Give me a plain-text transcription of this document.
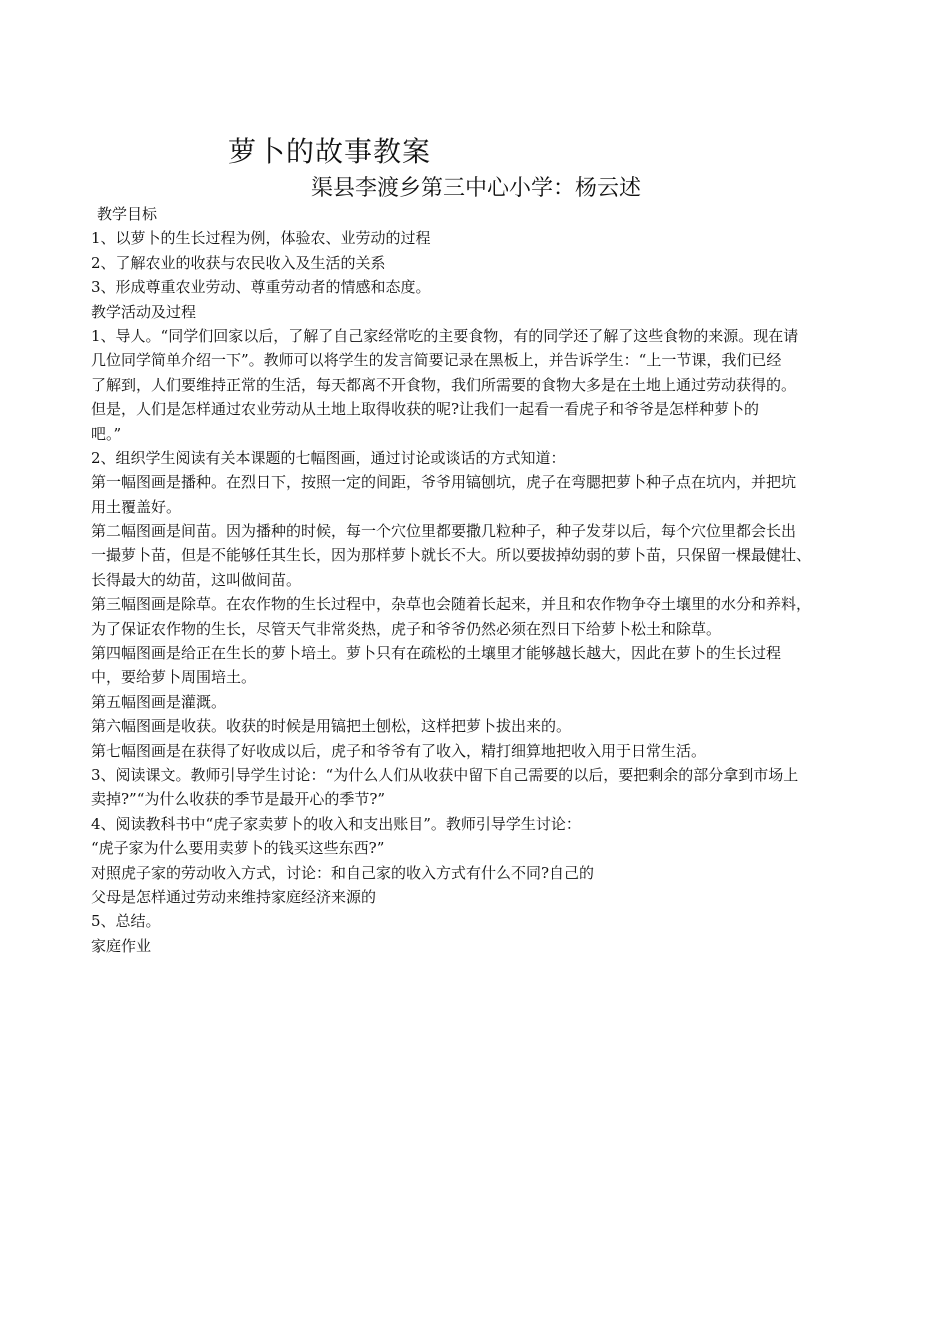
萝卜的故事教案
渠县李渡乡第三中心小学：杨云述
教学目标
1、以萝卜的生长过程为例，体验农、业劳动的过程
2、了解农业的收获与农民收入及生活的关系
3、形成尊重农业劳动、尊重劳动者的情感和态度。
教学活动及过程
1、导人。“同学们回家以后，了解了自己家经常吃的主要食物，有的同学还了解了这些食物的来源。现在请
几位同学简单介绍一下”。教师可以将学生的发言简要记录在黑板上，并告诉学生：“上一节课，我们已经
了解到，人们要维持正常的生活，每天都离不开食物，我们所需要的食物大多是在土地上通过劳动获得的。
但是，人们是怎样通过农业劳动从土地上取得收获的呢?让我们一起看一看虎子和爷爷是怎样种萝卜的
吧。”
2、组织学生阅读有关本课题的七幅图画，通过讨论或谈话的方式知道：
第一幅图画是播种。在烈日下，按照一定的间距，爷爷用镐刨坑，虎子在弯腮把萝卜种子点在坑内，并把坑
用土覆盖好。
第二幅图画是间苗。因为播种的时候，每一个穴位里都要撒几粒种子，种子发芽以后，每个穴位里都会长出
一撮萝卜苗，但是不能够任其生长，因为那样萝卜就长不大。所以要拔掉幼弱的萝卜苗，只保留一棵最健壮、
长得最大的幼苗，这叫做间苗。
第三幅图画是除草。在农作物的生长过程中，杂草也会随着长起来，并且和农作物争夺土壤里的水分和养料，
为了保证农作物的生长，尽管天气非常炎热，虎子和爷爷仍然必须在烈日下给萝卜松土和除草。
第四幅图画是给正在生长的萝卜培土。萝卜只有在疏松的土壤里才能够越长越大，因此在萝卜的生长过程
中，要给萝卜周围培土。
第五幅图画是灌溉。
第六幅图画是收获。收获的时候是用镐把土刨松，这样把萝卜拔出来的。
第七幅图画是在获得了好收成以后，虎子和爷爷有了收入，精打细算地把收入用于日常生活。
3、阅读课文。教师引导学生讨论：“为什么人们从收获中留下自己需要的以后，要把剩余的部分拿到市场上
卖掉?”“为什么收获的季节是最开心的季节?”
4、阅读教科书中“虎子家卖萝卜的收入和支出账目”。教师引导学生讨论：
“虎子家为什么要用卖萝卜的钱买这些东西?”
对照虎子家的劳动收入方式，讨论：和自己家的收入方式有什么不同?自己的
父母是怎样通过劳动来维持家庭经济来源的
5、总结。
家庭作业
